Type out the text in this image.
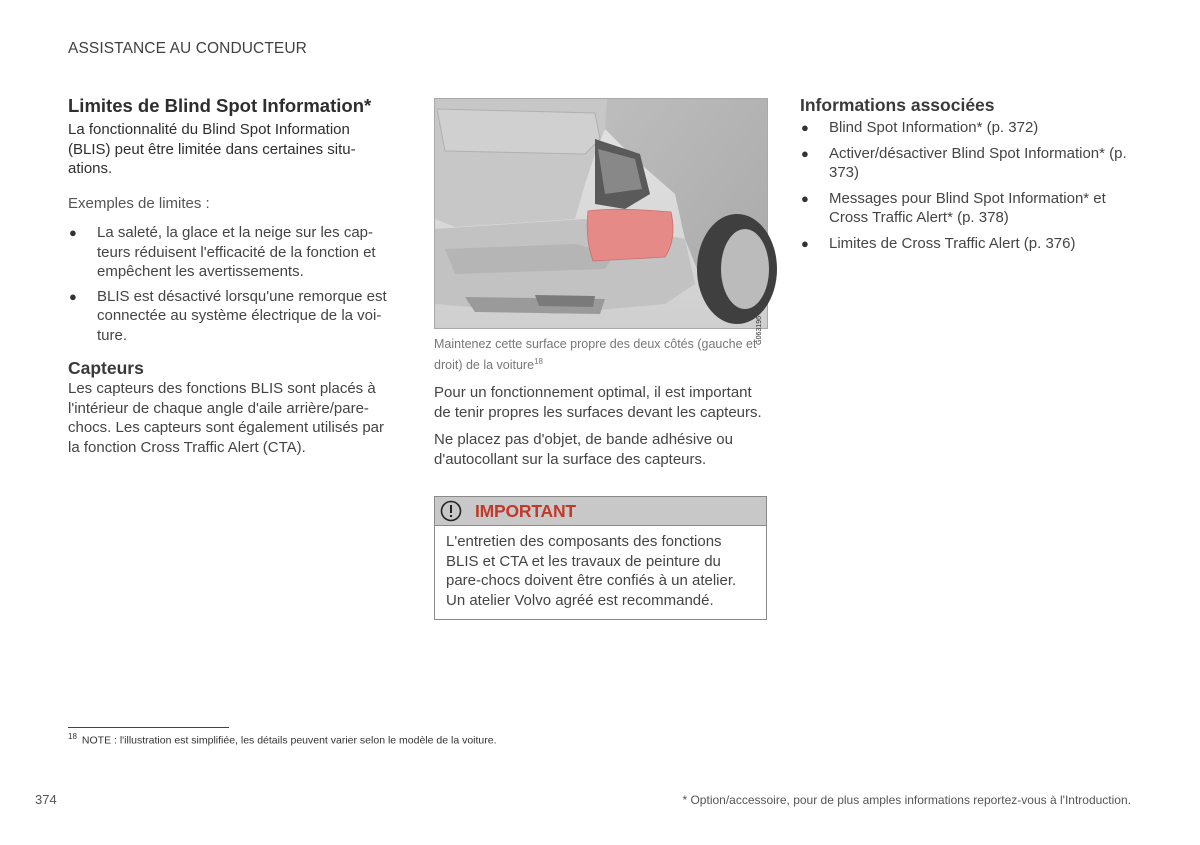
ASSISTANCE AU CONDUCTEUR
Limites de Blind Spot Information*

La fonctionnalité du Blind Spot Information (BLIS) peut être limitée dans certaines situ-ations.

Exemples de limites :

● La saleté, la glace et la neige sur les cap-teurs réduisent l'efficacité de la fonction et empêchent les avertissements.
● BLIS est désactivé lorsqu'une remorque est connectée au système électrique de la voi-ture.
Capteurs

Les capteurs des fonctions BLIS sont placés à l'intérieur de chaque angle d'aile arrière/pare-chocs. Les capteurs sont également utilisés par la fonction Cross Traffic Alert (CTA).

G063196
Maintenez cette surface propre des deux côtés (gauche et droit) de la voiture$^{18}$

Pour un fonctionnement optimal, il est important de tenir propres les surfaces devant les capteurs.

Ne placez pas d'objet, de bande adhésive ou d'autocollant sur la surface des capteurs.

IMPORTANT
L'entretien des composants des fonctions BLIS et CTA et les travaux de peinture du pare-chocs doivent être confiés à un atelier. Un atelier Volvo agréé est recommandé.
Informations associées
● Blind Spot Information* (p. 372)
● Activer/désactiver Blind Spot Information* (p. 373)
● Messages pour Blind Spot Information* et Cross Traffic Alert* (p. 378)
● Limites de Cross Traffic Alert (p. 376)
$^{18}$ NOTE : l'illustration est simplifiée, les détails peuvent varier selon le modèle de la voiture.
374	* Option/accessoire, pour de plus amples informations reportez-vous à l'Introduction.
